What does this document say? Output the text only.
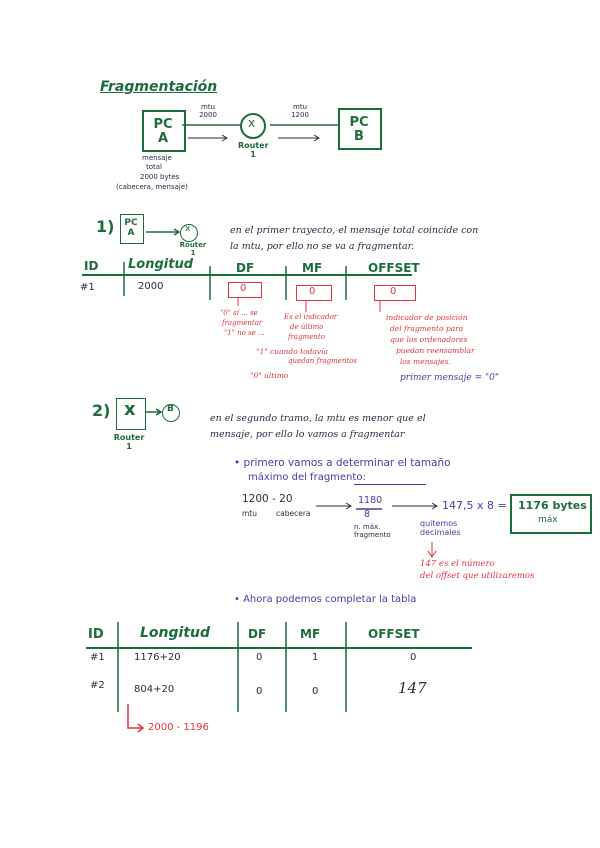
Fragmentación
PC A
mtu 2000
x
Router 1
mtu 1200
PC B
mensaje
total
2000 bytes
(cabecera, mensaje)
1) PC A	x
Router 1
en el primer trayecto, el mensaje total coincide con
la mtu, por ello no se va a fragmentar.
ID Longitud	DF	MF	OFFSET
#1	2000	0	0	0
"0" sí ... se
fragmentar
"1" no se ...
Es el indicador
de último
fragmento
"1" cuando todavía
quedan fragmentos
"0" último
indicador de posición
del fragmento para
que los ordenadores
puedan reensamblar
los mensajes.
primer mensaje = "0"
2) x	B
Router 1
en el segundo tramo, la mtu es menor que el
mensaje, por ello lo vamos a fragmentar
• primero vamos a determinar el tamaño
máximo del fragmento:
1200 - 20
mtu	cabecera
1180
8
n. máx. fragmento
147,5 x 8 =
quitemos decimales
1176 bytes
máx
147 es el número
del offset que utilizaremos
• Ahora podemos completar la tabla
ID	Longitud	DF	MF	OFFSET
#1	1176+20	0	1	0
#2	804+20	0	0	147
2000 - 1196
